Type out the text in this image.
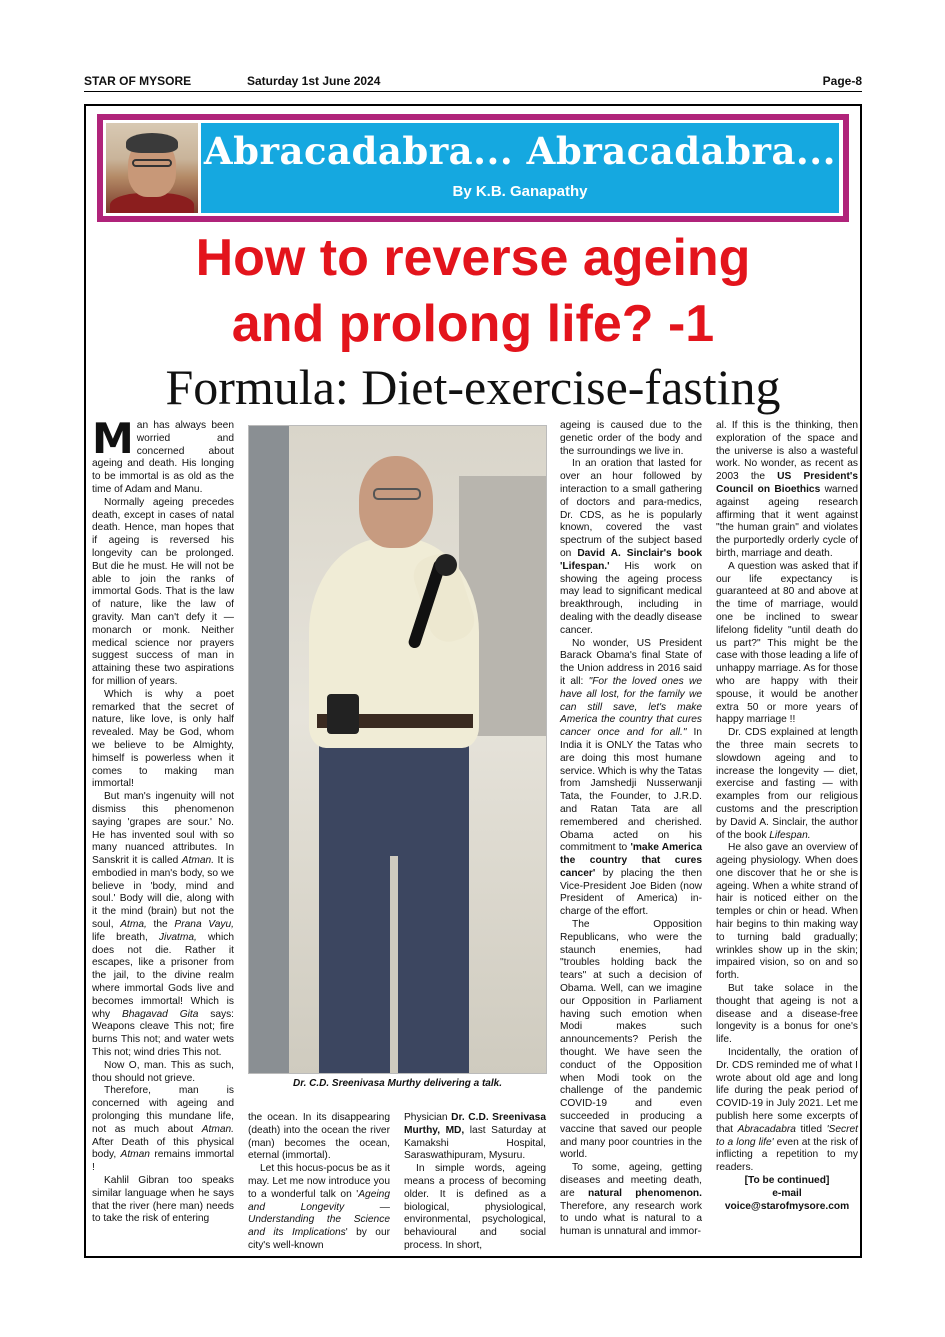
STAR OF MYSORE	Saturday 1st June 2024	Page-8
Abracadabra... Abracadabra...
By K.B. Ganapathy
How to reverse ageing
and prolong life? -1
Formula: Diet-exercise-fasting

Man has always been worried and concerned about ageing and death. His longing to be immortal is as old as the time of Adam and Manu.

Normally ageing precedes death, except in cases of natal death. Hence, man hopes that if ageing is reversed his longevity can be prolonged. But die he must. He will not be able to join the ranks of immortal Gods. That is the law of nature, like the law of gravity. Man can't defy it — monarch or monk. Neither medical science nor prayers suggest success of man in attaining these two aspirations for million of years.

Which is why a poet remarked that the secret of nature, like love, is only half revealed. May be God, whom we believe to be Almighty, himself is powerless when it comes to making man immortal!

But man's ingenuity will not dismiss this phenomenon saying 'grapes are sour.' No. He has invented soul with so many nuanced attributes. In Sanskrit it is called Atman. It is embodied in man's body, so we believe in 'body, mind and soul.' Body will die, along with it the mind (brain) but not the soul, Atma, the Prana Vayu, life breath, Jivatma, which does not die. Rather it escapes, like a prisoner from the jail, to the divine realm where immortal Gods live and becomes immortal! Which is why Bhagavad Gita says: Weapons cleave This not; fire burns This not; and water wets This not; wind dries This not.

Now O, man. This as such, thou should not grieve.

Therefore, man is concerned with ageing and prolonging this mundane life, not as much about Atman. After Death of this physical body, Atman remains immortal !

Kahlil Gibran too speaks similar language when he says that the river (here man) needs to take the risk of entering

Dr. C.D. Sreenivasa Murthy delivering a talk.

the ocean. In its disappearing (death) into the ocean the river (man) becomes the ocean, eternal (immortal).

Let this hocus-pocus be as it may. Let me now introduce you to a wonderful talk on 'Ageing and Longevity — Understanding the Science and its Implications' by our city's well-known

Physician Dr. C.D. Sreenivasa Murthy, MD, last Saturday at Kamakshi Hospital, Saraswathipuram, Mysuru.

In simple words, ageing means a process of becoming older. It is defined as a biological, physiological, environmental, psychological, behavioural and social process. In short,

ageing is caused due to the genetic order of the body and the surroundings we live in.

In an oration that lasted for over an hour followed by interaction to a small gathering of doctors and para-medics, Dr. CDS, as he is popularly known, covered the vast spectrum of the subject based on David A. Sinclair's book 'Lifespan.' His work on showing the ageing process may lead to significant medical breakthrough, including in dealing with the deadly disease cancer.

No wonder, US President Barack Obama's final State of the Union address in 2016 said it all: "For the loved ones we have all lost, for the family we can still save, let's make America the country that cures cancer once and for all." In India it is ONLY the Tatas who are doing this most humane service. Which is why the Tatas from Jamshedji Nusserwanji Tata, the Founder, to J.R.D. and Ratan Tata are all remembered and cherished. Obama acted on his commitment to 'make America the country that cures cancer' by placing the then Vice-President Joe Biden (now President of America) in-charge of the effort.

The Opposition Republicans, who were the staunch enemies, had "troubles holding back the tears" at such a decision of Obama. Well, can we imagine our Opposition in Parliament having such emotion when Modi makes such announcements? Perish the thought. We have seen the conduct of the Opposition when Modi took on the challenge of the pandemic COVID-19 and even succeeded in producing a vaccine that saved our people and many poor countries in the world.

To some, ageing, getting diseases and meeting death, are natural phenomenon. Therefore, any research work to undo what is natural to a human is unnatural and immor-

al. If this is the thinking, then exploration of the space and the universe is also a wasteful work. No wonder, as recent as 2003 the US President's Council on Bioethics warned against ageing research affirming that it went against "the human grain" and violates the purportedly orderly cycle of birth, marriage and death.

A question was asked that if our life expectancy is guaranteed at 80 and above at the time of marriage, would one be inclined to swear lifelong fidelity "until death do us part?" This might be the case with those leading a life of unhappy marriage. As for those who are happy with their spouse, it would be another extra 50 or more years of happy marriage !!

Dr. CDS explained at length the three main secrets to slowdown ageing and to increase the longevity — diet, exercise and fasting — with examples from our religious customs and the prescription by David A. Sinclair, the author of the book Lifespan.

He also gave an overview of ageing physiology. When does one discover that he or she is ageing. When a white strand of hair is noticed either on the temples or chin or head. When hair begins to thin making way to turning bald gradually; wrinkles show up in the skin; impaired vision, so on and so forth.

But take solace in the thought that ageing is not a disease and a disease-free longevity is a bonus for one's life.

Incidentally, the oration of Dr. CDS reminded me of what I wrote about old age and long life during the peak period of COVID-19 in July 2021. Let me publish here some excerpts of that Abracadabra titled 'Secret to a long life' even at the risk of inflicting a repetition to my readers.

[To be continued]
e-mail
voice@starofmysore.com
